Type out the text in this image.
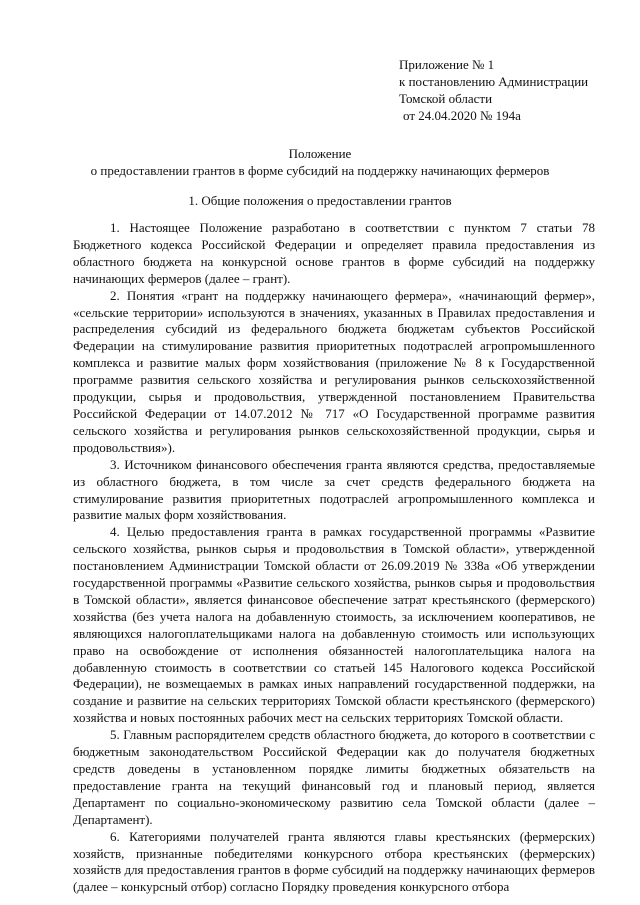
Приложение № 1
к постановлению Администрации
Томской области
от 24.04.2020 № 194а
Положение
о предоставлении грантов в форме субсидий на поддержку начинающих фермеров
1. Общие положения о предоставлении грантов

1. Настоящее Положение разработано в соответствии с пунктом 7 статьи 78 Бюджетного кодекса Российской Федерации и определяет правила предоставления из областного бюджета на конкурсной основе грантов в форме субсидий на поддержку начинающих фермеров (далее – грант).

2. Понятия «грант на поддержку начинающего фермера», «начинающий фермер», «сельские территории» используются в значениях, указанных в Правилах предоставления и распределения субсидий из федерального бюджета бюджетам субъектов Российской Федерации на стимулирование развития приоритетных подотраслей агропромышленного комплекса и развитие малых форм хозяйствования (приложение № 8 к Государственной программе развития сельского хозяйства и регулирования рынков сельскохозяйственной продукции, сырья и продовольствия, утвержденной постановлением Правительства Российской Федерации от 14.07.2012 № 717 «О Государственной программе развития сельского хозяйства и регулирования рынков сельскохозяйственной продукции, сырья и продовольствия»).

3. Источником финансового обеспечения гранта являются средства, предоставляемые из областного бюджета, в том числе за счет средств федерального бюджета на стимулирование развития приоритетных подотраслей агропромышленного комплекса и развитие малых форм хозяйствования.

4. Целью предоставления гранта в рамках государственной программы «Развитие сельского хозяйства, рынков сырья и продовольствия в Томской области», утвержденной постановлением Администрации Томской области от 26.09.2019 № 338а «Об утверждении государственной программы «Развитие сельского хозяйства, рынков сырья и продовольствия в Томской области», является финансовое обеспечение затрат крестьянского (фермерского) хозяйства (без учета налога на добавленную стоимость, за исключением кооперативов, не являющихся налогоплательщиками налога на добавленную стоимость или использующих право на освобождение от исполнения обязанностей налогоплательщика налога на добавленную стоимость в соответствии со статьей 145 Налогового кодекса Российской Федерации), не возмещаемых в рамках иных направлений государственной поддержки, на создание и развитие на сельских территориях Томской области крестьянского (фермерского) хозяйства и новых постоянных рабочих мест на сельских территориях Томской области.

5. Главным распорядителем средств областного бюджета, до которого в соответствии с бюджетным законодательством Российской Федерации как до получателя бюджетных средств доведены в установленном порядке лимиты бюджетных обязательств на предоставление гранта на текущий финансовый год и плановый период, является Департамент по социально-экономическому развитию села Томской области (далее – Департамент).

6. Категориями получателей гранта являются главы крестьянских (фермерских) хозяйств, признанные победителями конкурсного отбора крестьянских (фермерских) хозяйств для предоставления грантов в форме субсидий на поддержку начинающих фермеров (далее – конкурсный отбор) согласно Порядку проведения конкурсного отбора
